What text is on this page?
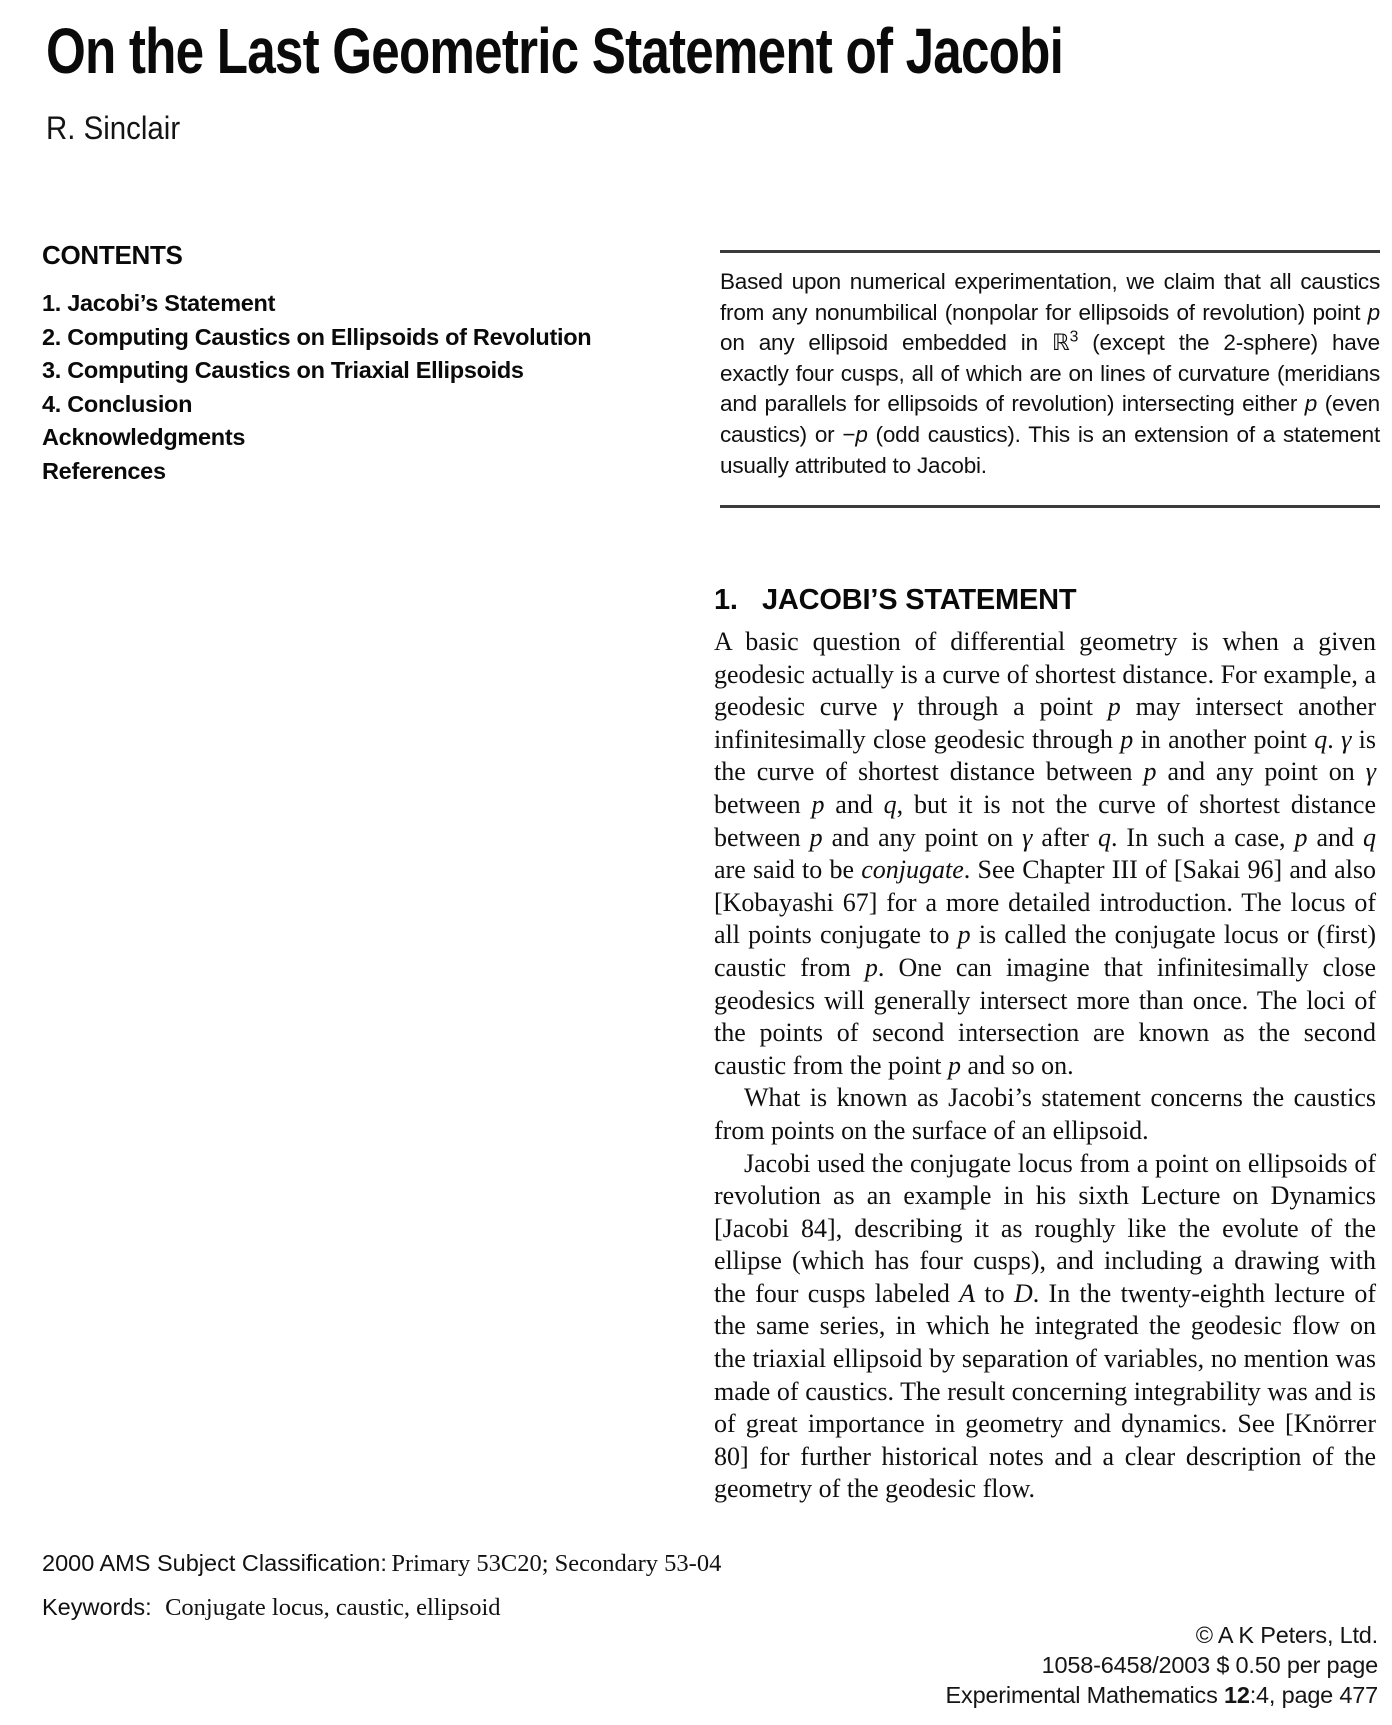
On the Last Geometric Statement of Jacobi
R. Sinclair
CONTENTS
1. Jacobi’s Statement
2. Computing Caustics on Ellipsoids of Revolution
3. Computing Caustics on Triaxial Ellipsoids
4. Conclusion
Acknowledgments
References
Based upon numerical experimentation, we claim that all caustics from any nonumbilical (nonpolar for ellipsoids of revolution) point p on any ellipsoid embedded in ℝ$^3$ (except the 2-sphere) have exactly four cusps, all of which are on lines of curvature (meridians and parallels for ellipsoids of revolution) intersecting either p (even caustics) or −p (odd caustics). This is an extension of a statement usually attributed to Jacobi.
1. JACOBI’S STATEMENT

A basic question of differential geometry is when a given geodesic actually is a curve of shortest distance. For example, a geodesic curve γ through a point p may intersect another infinitesimally close geodesic through p in another point q. γ is the curve of shortest distance between p and any point on γ between p and q, but it is not the curve of shortest distance between p and any point on γ after q. In such a case, p and q are said to be conjugate. See Chapter III of [Sakai 96] and also [Kobayashi 67] for a more detailed introduction. The locus of all points conjugate to p is called the conjugate locus or (first) caustic from p. One can imagine that infinitesimally close geodesics will generally intersect more than once. The loci of the points of second intersection are known as the second caustic from the point p and so on.

What is known as Jacobi’s statement concerns the caustics from points on the surface of an ellipsoid.

Jacobi used the conjugate locus from a point on ellipsoids of revolution as an example in his sixth Lecture on Dynamics [Jacobi 84], describing it as roughly like the evolute of the ellipse (which has four cusps), and including a drawing with the four cusps labeled A to D. In the twenty-eighth lecture of the same series, in which he integrated the geodesic flow on the triaxial ellipsoid by separation of variables, no mention was made of caustics. The result concerning integrability was and is of great importance in geometry and dynamics. See [Knörrer 80] for further historical notes and a clear description of the geometry of the geodesic flow.

2000 AMS Subject Classification: Primary 53C20; Secondary 53-04
Keywords: Conjugate locus, caustic, ellipsoid
© A K Peters, Ltd.
1058-6458/2003 $ 0.50 per page
Experimental Mathematics 12:4, page 477
